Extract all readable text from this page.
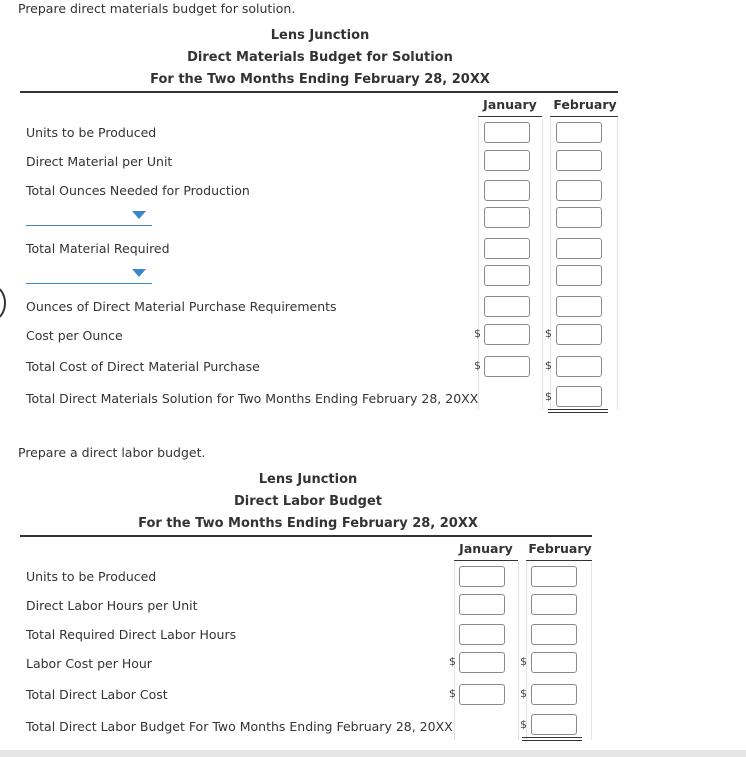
Prepare direct materials budget for solution.
Lens Junction
Direct Materials Budget for Solution
For the Two Months Ending February 28, 20XX
January	February
Units to be Produced
Direct Material per Unit
Total Ounces Needed for Production
Total Material Required
Ounces of Direct Material Purchase Requirements
Cost per Ounce
Total Cost of Direct Material Purchase
Total Direct Materials Solution for Two Months Ending February 28, 20XX
$
$
$
$
$
Prepare a direct labor budget.
Lens Junction
Direct Labor Budget
For the Two Months Ending February 28, 20XX
January	February
Units to be Produced
Direct Labor Hours per Unit
Total Required Direct Labor Hours
Labor Cost per Hour
Total Direct Labor Cost
Total Direct Labor Budget For Two Months Ending February 28, 20XX
$
$
$
$
$
